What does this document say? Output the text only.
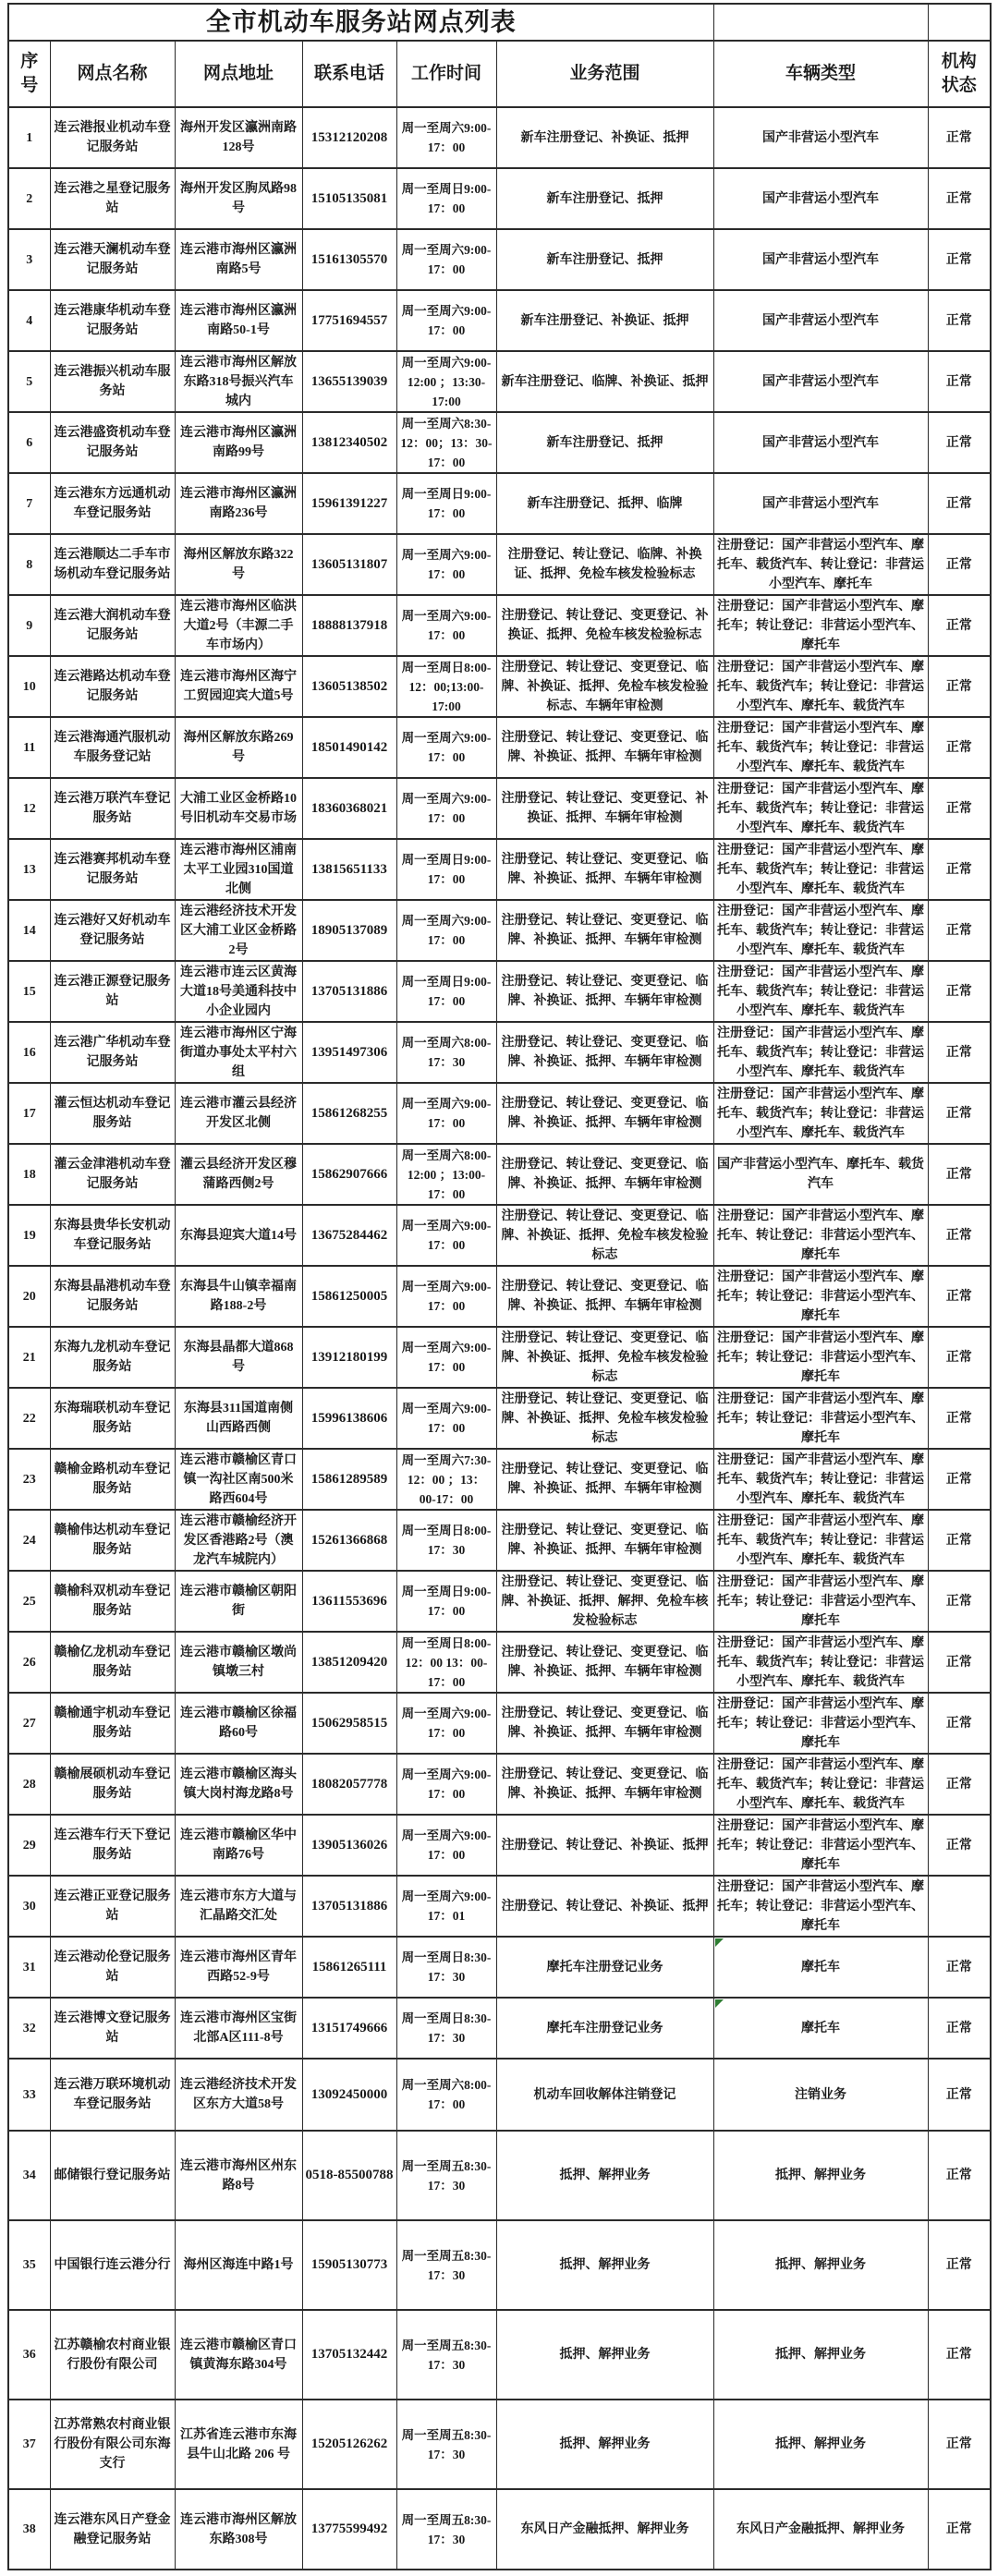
全市机动车服务站网点列表							

序号	网点名称	网点地址	联系电话	工作时间	业务范围	车辆类型	机构状态

1	连云港报业机动车登记服务站	海州开发区瀛洲南路128号	15312120208	周一至周六9:00-17：00	新车注册登记、补换证、抵押	国产非营运小型汽车	正常

2	连云港之星登记服务站	海州开发区朐凤路98号	15105135081	周一至周日9:00-17：00	新车注册登记、抵押	国产非营运小型汽车	正常

3	连云港天澜机动车登记服务站	连云港市海州区瀛洲南路5号	15161305570	周一至周六9:00-17：00	新车注册登记、抵押	国产非营运小型汽车	正常

4	连云港康华机动车登记服务站	连云港市海州区瀛洲南路50-1号	17751694557	周一至周六9:00-17：00	新车注册登记、补换证、抵押	国产非营运小型汽车	正常

5	连云港振兴机动车服务站	连云港市海州区解放东路318号振兴汽车城内	13655139039	周一至周六9:00-12:00 ；13:30-17:00	新车注册登记、临牌、补换证、抵押	国产非营运小型汽车	正常

6	连云港盛资机动车登记服务站	连云港市海州区瀛洲南路99号	13812340502	周一至周六8:30-12：00；13：30-17：00	新车注册登记、抵押	国产非营运小型汽车	正常

7	连云港东方远通机动车登记服务站	连云港市海州区瀛洲南路236号	15961391227	周一至周日9:00-17：00	新车注册登记、抵押、临牌	国产非营运小型汽车	正常

8	连云港顺达二手车市场机动车登记服务站	海州区解放东路322号	13605131807	周一至周六9:00-17：00	注册登记、转让登记、临牌、补换证、抵押、免检车核发检验标志	注册登记：国产非营运小型汽车、摩托车、载货汽车、转让登记：非营运小型汽车、摩托车	正常

9	连云港大润机动车登记服务站	连云港市海州区临洪大道2号（丰源二手车市场内）	18888137918	周一至周六9:00-17：00	注册登记、转让登记、变更登记、补换证、抵押、免检车核发检验标志	注册登记：国产非营运小型汽车、摩托车；转让登记：非营运小型汽车、摩托车	正常

10	连云港路达机动车登记服务站	连云港市海州区海宁工贸园迎宾大道5号	13605138502	周一至周日8:00-12：00;13:00-17:00	注册登记、转让登记、变更登记、临牌、补换证、抵押、免检车核发检验标志、车辆年审检测	注册登记：国产非营运小型汽车、摩托车、载货汽车；转让登记：非营运小型汽车、摩托车、载货汽车	正常

11	连云港海通汽服机动车服务登记站	海州区解放东路269号	18501490142	周一至周六9:00-17：00	注册登记、转让登记、变更登记、临牌、补换证、抵押、车辆年审检测	注册登记：国产非营运小型汽车、摩托车、载货汽车；转让登记：非营运小型汽车、摩托车、载货汽车	正常

12	连云港万联汽车登记服务站	大浦工业区金桥路10号旧机动车交易市场	18360368021	周一至周六9:00-17：00	注册登记、转让登记、变更登记、补换证、抵押、车辆年审检测	注册登记：国产非营运小型汽车、摩托车、载货汽车；转让登记：非营运小型汽车、摩托车、载货汽车	正常

13	连云港赛邦机动车登记服务站	连云港市海州区浦南太平工业园310国道北侧	13815651133	周一至周日9:00-17：00	注册登记、转让登记、变更登记、临牌、补换证、抵押、车辆年审检测	注册登记：国产非营运小型汽车、摩托车、载货汽车；转让登记：非营运小型汽车、摩托车、载货汽车	正常

14	连云港好又好机动车登记服务站	连云港经济技术开发区大浦工业区金桥路2号	18905137089	周一至周六9:00-17：00	注册登记、转让登记、变更登记、临牌、补换证、抵押、车辆年审检测	注册登记：国产非营运小型汽车、摩托车、载货汽车；转让登记：非营运小型汽车、摩托车、载货汽车	正常

15	连云港正源登记服务站	连云港市连云区黄海大道18号美通科技中小企业园内	13705131886	周一至周日9:00-17：00	注册登记、转让登记、变更登记、临牌、补换证、抵押、车辆年审检测	注册登记：国产非营运小型汽车、摩托车、载货汽车；转让登记：非营运小型汽车、摩托车、载货汽车	正常

16	连云港广华机动车登记服务站	连云港市海州区宁海街道办事处太平村六组	13951497306	周一至周六8:00-17：30	注册登记、转让登记、变更登记、临牌、补换证、抵押、车辆年审检测	注册登记：国产非营运小型汽车、摩托车、载货汽车；转让登记：非营运小型汽车、摩托车、载货汽车	正常

17	灌云恒达机动车登记服务站	连云港市灌云县经济开发区北侧	15861268255	周一至周六9:00-17：00	注册登记、转让登记、变更登记、临牌、补换证、抵押、车辆年审检测	注册登记：国产非营运小型汽车、摩托车、载货汽车；转让登记：非营运小型汽车、摩托车、载货汽车	正常

18	灌云金津港机动车登记服务站	灌云县经济开发区穆蒲路西侧2号	15862907666	周一至周六8:00-12:00 ；13:00-17：00	注册登记、转让登记、变更登记、临牌、补换证、抵押、车辆年审检测	国产非营运小型汽车、摩托车、载货汽车	正常

19	东海县贵华长安机动车登记服务站	东海县迎宾大道14号	13675284462	周一至周六9:00-17：00	注册登记、转让登记、变更登记、临牌、补换证、抵押、免检车核发检验标志	注册登记：国产非营运小型汽车、摩托车、转让登记：非营运小型汽车、摩托车	正常

20	东海县晶港机动车登记服务站	东海县牛山镇幸福南路188-2号	15861250005	周一至周六9:00-17：00	注册登记、转让登记、变更登记、临牌、补换证、抵押、车辆年审检测	注册登记：国产非营运小型汽车、摩托车；转让登记：非营运小型汽车、摩托车	正常

21	东海九龙机动车登记服务站	东海县晶都大道868号	13912180199	周一至周六9:00-17：00	注册登记、转让登记、变更登记、临牌、补换证、抵押、免检车核发检验标志	注册登记：国产非营运小型汽车、摩托车；转让登记：非营运小型汽车、摩托车	正常

22	东海瑞联机动车登记服务站	东海县311国道南侧山西路西侧	15996138606	周一至周六9:00-17：00	注册登记、转让登记、变更登记、临牌、补换证、抵押、免检车核发检验标志	注册登记：国产非营运小型汽车、摩托车；转让登记：非营运小型汽车、摩托车	正常

23	赣榆金路机动车登记服务站	连云港市赣榆区青口镇一沟社区南500米路西604号	15861289589	周一至周六7:30-12：00 ；13：00-17：00	注册登记、转让登记、变更登记、临牌、补换证、抵押、车辆年审检测	注册登记：国产非营运小型汽车、摩托车、载货汽车；转让登记：非营运小型汽车、摩托车、载货汽车	正常

24	赣榆伟达机动车登记服务站	连云港市赣榆经济开发区香港路2号（澳龙汽车城院内）	15261366868	周一至周日8:00-17：30	注册登记、转让登记、变更登记、临牌、补换证、抵押、车辆年审检测	注册登记：国产非营运小型汽车、摩托车、载货汽车；转让登记：非营运小型汽车、摩托车、载货汽车	正常

25	赣榆科双机动车登记服务站	连云港市赣榆区朝阳街	13611553696	周一至周日9:00-17：00	注册登记、转让登记、变更登记、临牌、补换证、抵押、解押、免检车核发检验标志	注册登记：国产非营运小型汽车、摩托车；转让登记：非营运小型汽车、摩托车	正常

26	赣榆亿龙机动车登记服务站	连云港市赣榆区墩尚镇墩三村	13851209420	周一至周日8:00-12：00 13：00-17：00	注册登记、转让登记、变更登记、临牌、补换证、抵押、车辆年审检测	注册登记：国产非营运小型汽车、摩托车、载货汽车；转让登记：非营运小型汽车、摩托车、载货汽车	正常

27	赣榆通宇机动车登记服务站	连云港市赣榆区徐福路60号	15062958515	周一至周六9:00-17：00	注册登记、转让登记、变更登记、临牌、补换证、抵押、车辆年审检测	注册登记：国产非营运小型汽车、摩托车；转让登记：非营运小型汽车、摩托车	正常

28	赣榆展硕机动车登记服务站	连云港市赣榆区海头镇大岗村海龙路8号	18082057778	周一至周六9:00-17：00	注册登记、转让登记、变更登记、临牌、补换证、抵押、车辆年审检测	注册登记：国产非营运小型汽车、摩托车、载货汽车；转让登记：非营运小型汽车、摩托车、载货汽车	正常

29	连云港车行天下登记服务站	连云港市赣榆区华中南路76号	13905136026	周一至周六9:00-17：00	注册登记、转让登记、补换证、抵押	注册登记：国产非营运小型汽车、摩托车；转让登记：非营运小型汽车、摩托车	正常

30	连云港正亚登记服务站	连云港市东方大道与汇晶路交汇处	13705131886	周一至周六9:00-17：01	注册登记、转让登记、补换证、抵押	注册登记：国产非营运小型汽车、摩托车；转让登记：非营运小型汽车、摩托车	

31	连云港动伦登记服务站	连云港市海州区青年西路52-9号	15861265111	周一至周日8:30-17：30	摩托车注册登记业务	摩托车	正常

32	连云港博文登记服务站	连云港市海州区宝街北部A区111-8号	13151749666	周一至周日8:30-17：30	摩托车注册登记业务	摩托车	正常

33	连云港万联环境机动车登记服务站	连云港经济技术开发区东方大道58号	13092450000	周一至周六8:00-17：00	机动车回收解体注销登记	注销业务	正常

34	邮储银行登记服务站	连云港市海州区州东路8号	0518-85500788	周一至周五8:30-17：30	抵押、解押业务	抵押、解押业务	正常

35	中国银行连云港分行	海州区海连中路1号	15905130773	周一至周五8:30-17：30	抵押、解押业务	抵押、解押业务	正常

36	江苏赣榆农村商业银行股份有限公司	连云港市赣榆区青口镇黄海东路304号	13705132442	周一至周五8:30-17：30	抵押、解押业务	抵押、解押业务	正常

37	江苏常熟农村商业银行股份有限公司东海支行	江苏省连云港市东海县牛山北路 206 号	15205126262	周一至周五8:30-17：30	抵押、解押业务	抵押、解押业务	正常

38	连云港东风日产登金融登记服务站	连云港市海州区解放东路308号	13775599492	周一至周五8:30-17：30	东风日产金融抵押、解押业务	东风日产金融抵押、解押业务	正常
